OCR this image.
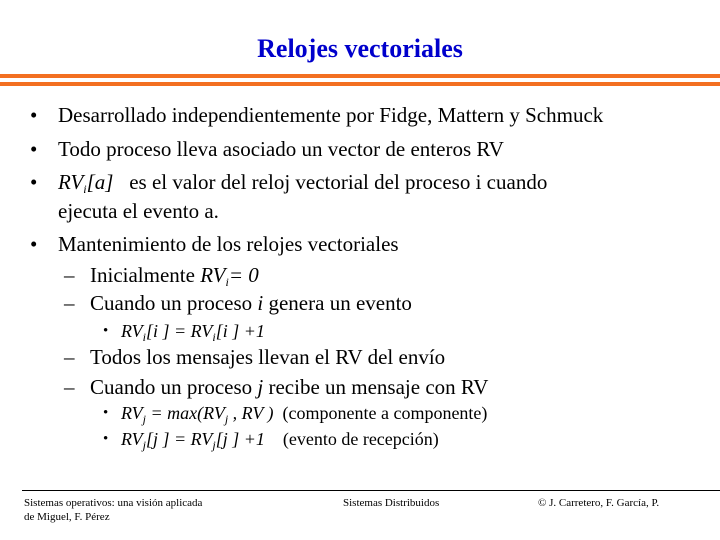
Relojes vectoriales
• Desarrollado independientemente por Fidge, Mattern y Schmuck
• Todo proceso lleva asociado un vector de enteros RV
• $RV_i[a]$ es el valor del reloj vectorial del proceso i cuando
ejecuta el evento a.
• Mantenimiento de los relojes vectoriales
– Inicialmente $RV_i= 0$
– Cuando un proceso i genera un evento
• $RV_i[i$ ] = $RV_i[i$ ] +1
– Todos los mensajes llevan el RV del envío
– Cuando un proceso j recibe un mensaje con RV
• $RV_j = \max(RV_j$ , RV ) (componente a componente)
• $RV_j[j$ ] = $RV_j[j$ ] +1 (evento de recepción)
Sistemas operativos: una visión aplicada
de Miguel, F. Pérez
Sistemas Distribuidos	© J. Carretero, F. García, P.
